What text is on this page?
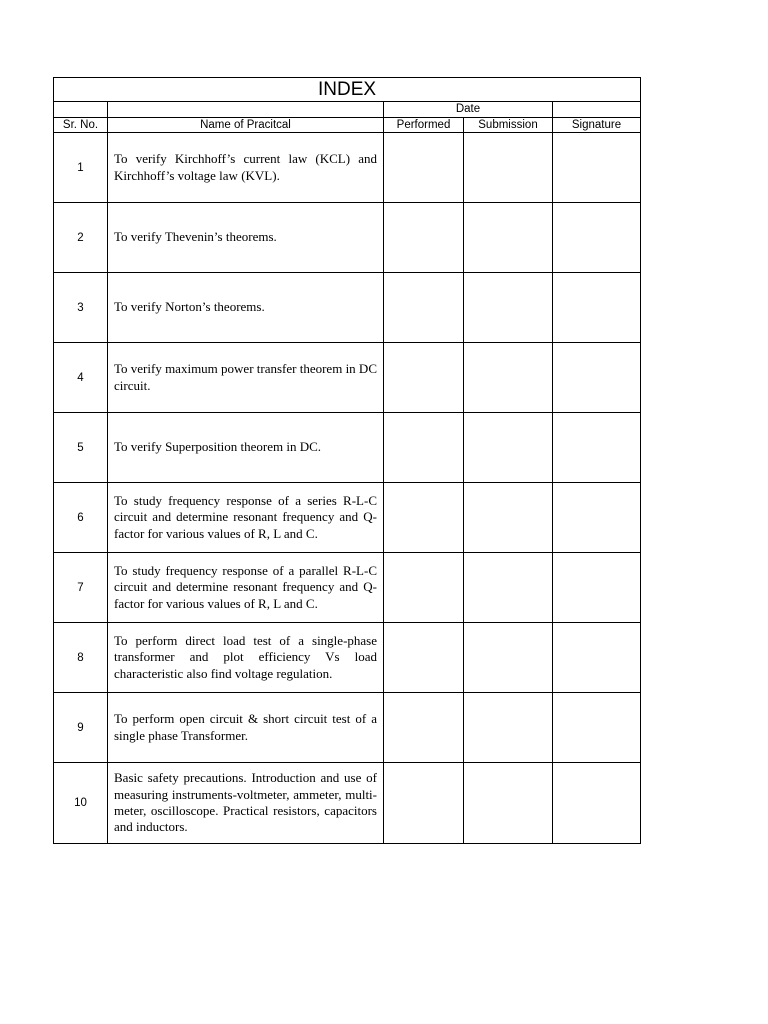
INDEX				
		Date		
Sr. No.	Name of Pracitcal	Performed	Submission	Signature
1	To verify Kirchhoff’s current law (KCL) and Kirchhoff’s voltage law (KVL).			
2	To verify Thevenin’s theorems.			
3	To verify Norton’s theorems.			
4	To verify maximum power transfer theorem in DC circuit.			
5	To verify Superposition theorem in DC.			
6	To study frequency response of a series R-L-C circuit and determine resonant frequency and Q-factor for various values of R, L and C.			
7	To study frequency response of a parallel R-L-C circuit and determine resonant frequency and Q-factor for various values of R, L and C.			
8	To perform direct load test of a single-phase transformer and plot efficiency Vs load characteristic also find voltage regulation.			
9	To perform open circuit & short circuit test of a single phase Transformer.			
10	Basic safety precautions. Introduction and use of measuring instruments-voltmeter, ammeter, multi-meter, oscilloscope. Practical resistors, capacitors and inductors.			
